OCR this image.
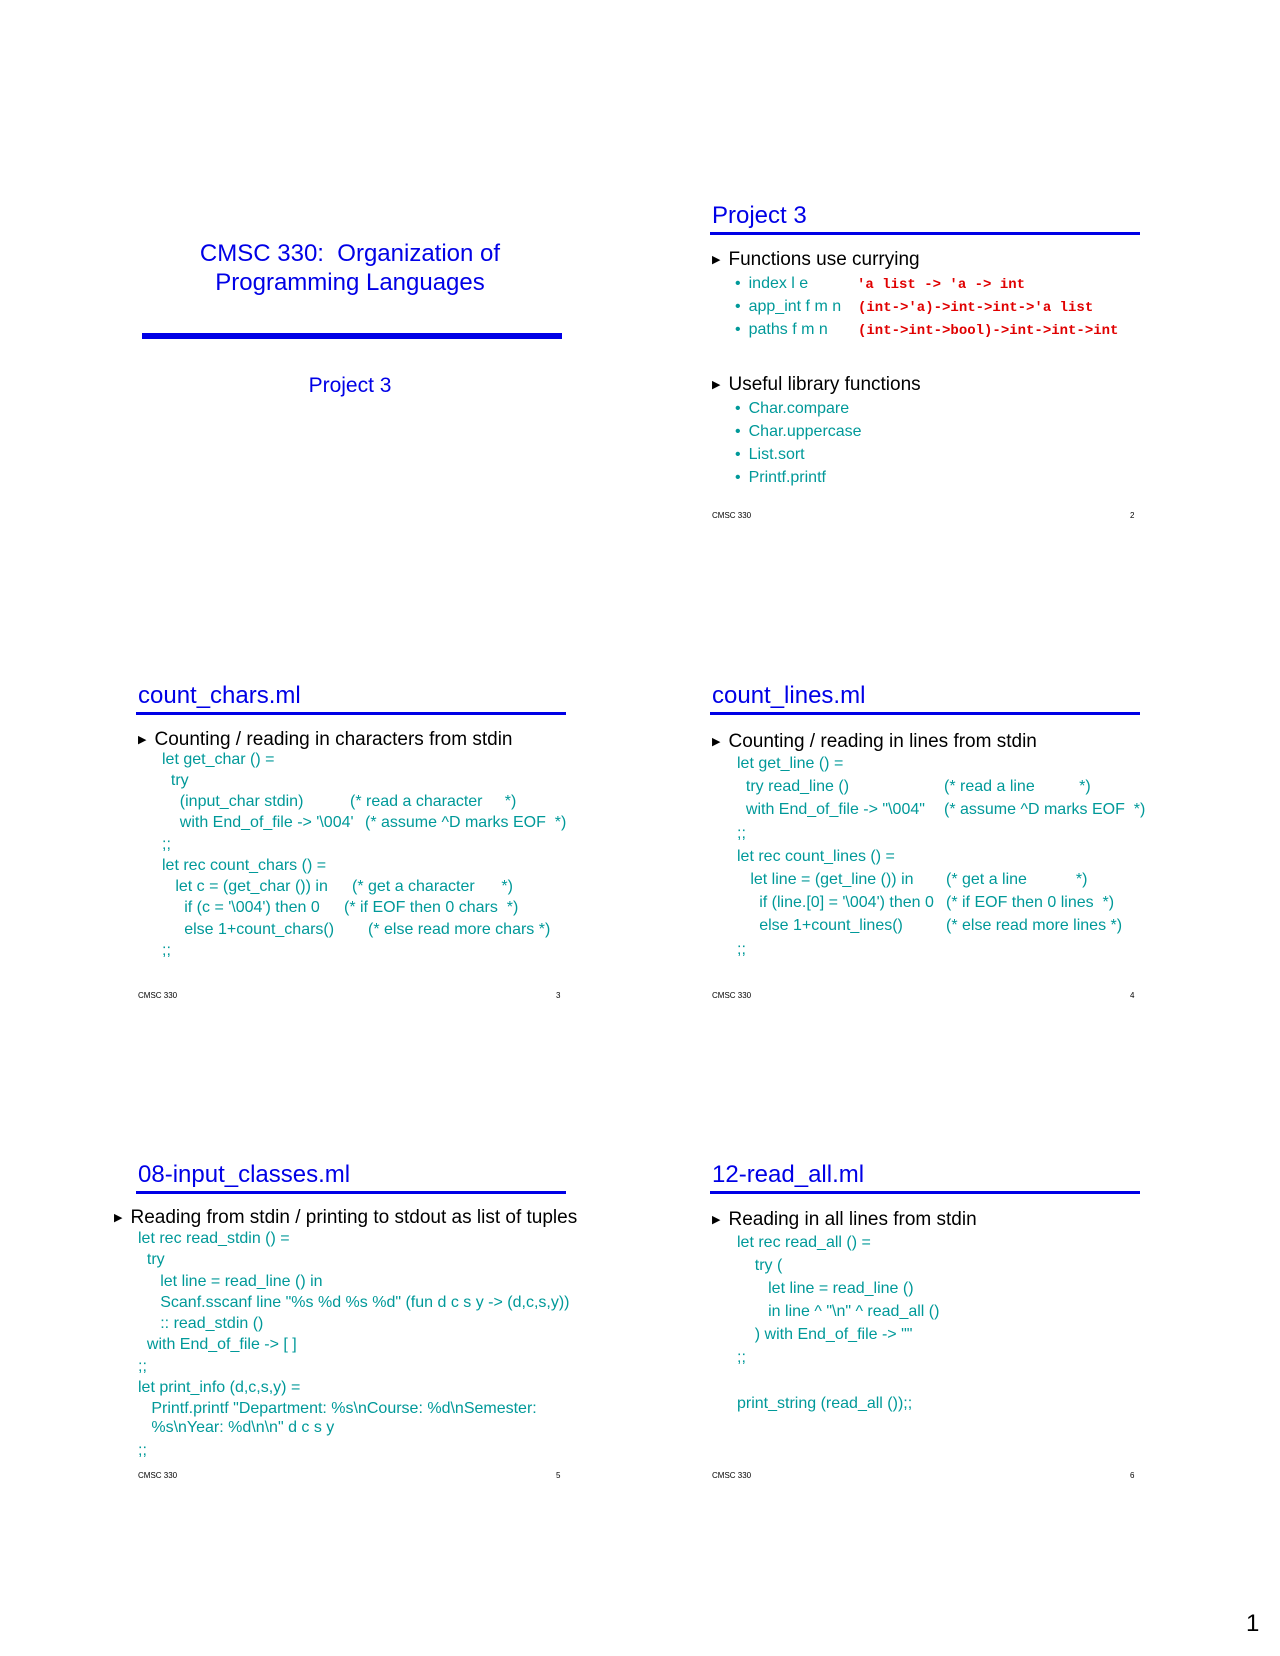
CMSC 330:  Organization of
Programming Languages
Project 3
Project 3
▶ Functions use currying
• index l e	'a list -> 'a -> int
• app_int f m n (int->'a)->int->int->'a list
• paths f m n (int->int->bool)->int->int->int
▶ Useful library functions
• Char.compare
• Char.uppercase
• List.sort
• Printf.printf
CMSC 330	2
count_chars.ml
▶ Counting / reading in characters from stdin
let get_char () =
try
(input_char stdin)	(* read a character     *)
with End_of_file -> '\004' (* assume ^D marks EOF  *)
;;
let rec count_chars () =
let c = (get_char ()) in (* get a character      *)
if (c = '\004') then 0 (* if EOF then 0 chars  *)
else 1+count_chars() (* else read more chars *)
;;
CMSC 330	3
count_lines.ml
▶ Counting / reading in lines from stdin
let get_line () =
try read_line ()	(* read a line          *)
with End_of_file -> "\004" (* assume ^D marks EOF  *)
;;
let rec count_lines () =
let line = (get_line ()) in (* get a line           *)
if (line.[0] = '\004') then 0 (* if EOF then 0 lines  *)
else 1+count_lines()	(* else read more lines *)
;;
CMSC 330	4
08-input_classes.ml
▶ Reading from stdin / printing to stdout as list of tuples
let rec read_stdin () =
try
let line = read_line () in
Scanf.sscanf line "%s %d %s %d" (fun d c s y -> (d,c,s,y))
:: read_stdin ()
with End_of_file -> [ ]
;;
let print_info (d,c,s,y) =
Printf.printf "Department: %s\nCourse: %d\nSemester:
%s\nYear: %d\n\n" d c s y
;;
CMSC 330	5
12-read_all.ml
▶ Reading in all lines from stdin
let rec read_all () =
try (
let line = read_line ()
in line ^ "\n" ^ read_all ()
) with End_of_file -> ""
;;
print_string (read_all ());;
CMSC 330	6
1
